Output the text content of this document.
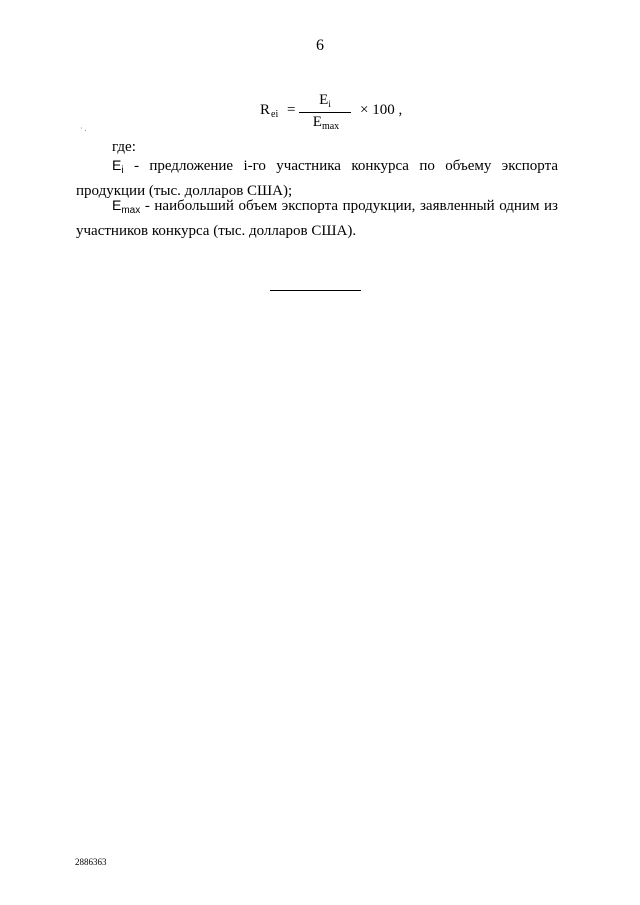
6
R ei =
$E_i$
$E_{max}$
× 100 ,
· .
где:
$E_i$ - предложение i-го участника конкурса по объему экспорта
продукции (тыс. долларов США);
$E_{max}$ - наибольший объем экспорта продукции, заявленный одним из
участников конкурса (тыс. долларов США).
2886363
